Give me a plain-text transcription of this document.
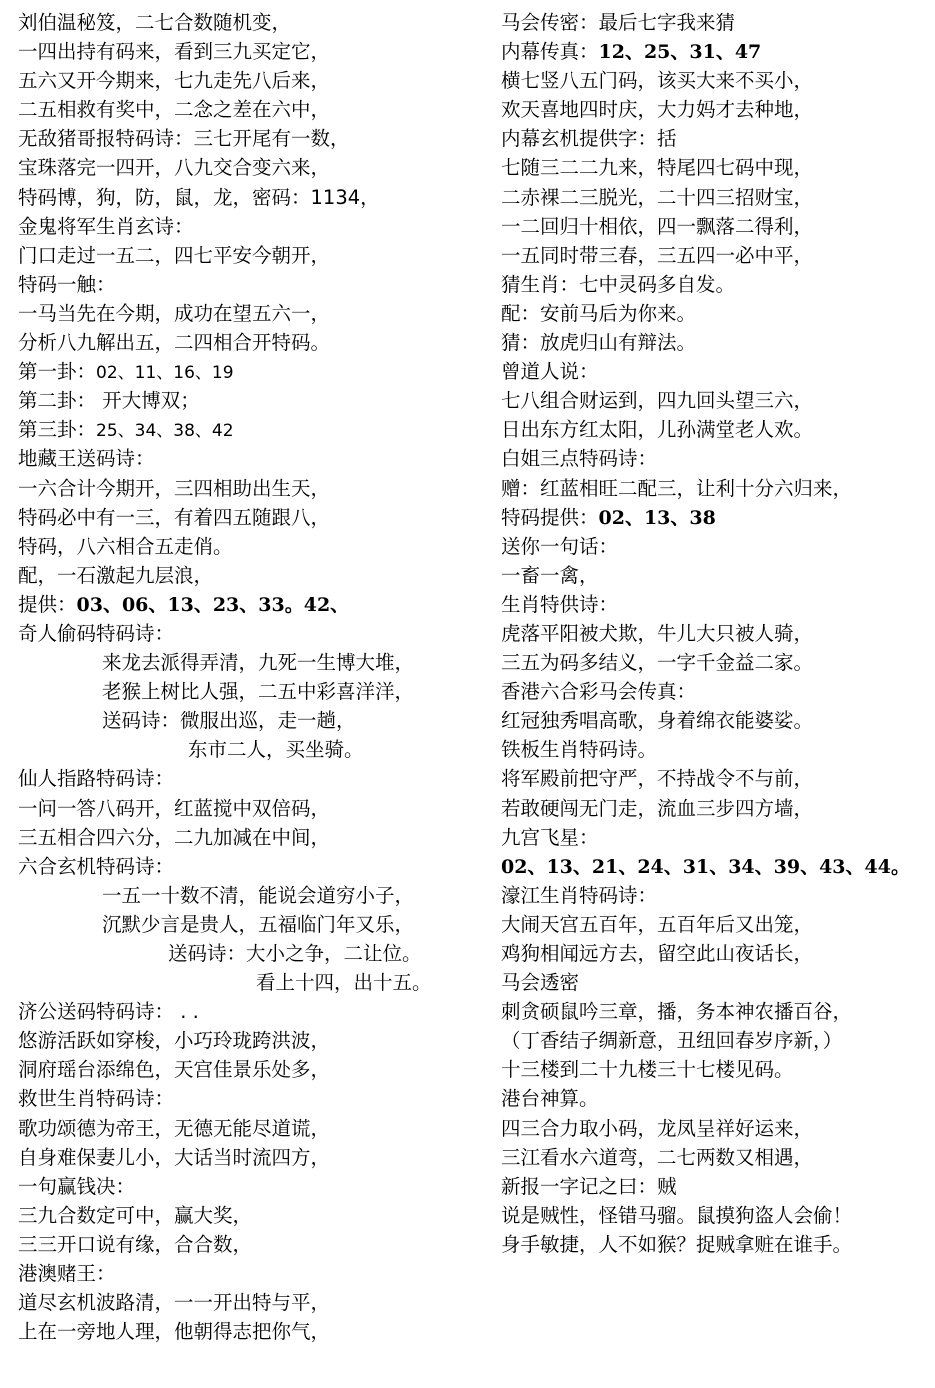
刘伯温秘笈，二七合数随机变，
一四出持有码来，看到三九买定它，
五六又开今期来，七九走先八后来，
二五相救有奖中，二念之差在六中，
无敌猪哥报特码诗：三七开尾有一数，
宝珠落完一四开，八九交合变六来，
特码博，狗，防，鼠，龙，密码：1134，
金鬼将军生肖玄诗：
门口走过一五二，四七平安今朝开，
特码一触：
一马当先在今期，成功在望五六一，
分析八九解出五，二四相合开特码。
第一卦：02、11、16、19
第二卦： 开大博双；
第三卦：25、34、38、42
地藏王送码诗：
一六合计今期开，三四相助出生天，
特码必中有一三，有着四五随跟八，
特码，八六相合五走俏。
配，一石激起九层浪，
提供：03、06、13、23、33。42、
奇人偷码特码诗：
来龙去派得弄清，九死一生博大堆，
老猴上树比人强，二五中彩喜洋洋，
送码诗：微服出巡，走一趟，
东市二人，买坐骑。
仙人指路特码诗：
一问一答八码开，红蓝搅中双倍码，
三五相合四六分，二九加减在中间，
六合玄机特码诗：
一五一十数不清，能说会道穷小子，
沉默少言是贵人，五福临门年又乐，
送码诗：大小之争，二让位。
看上十四，出十五。
济公送码特码诗： . .
悠游活跃如穿梭，小巧玲珑跨洪波，
洞府瑶台添绵色，天宫佳景乐处多，
救世生肖特码诗：
歌功颂德为帝王，无德无能尽道谎，
自身难保妻儿小，大话当时流四方，
一句赢钱决：
三九合数定可中，赢大奖，
三三开口说有缘，合合数，
港澳赌王：
道尽玄机波路清，一一开出特与平，
上在一旁地人理，他朝得志把你气，
马会传密：最后七字我来猜
内幕传真：12、25、31、47
横七竖八五门码，该买大来不买小，
欢天喜地四时庆，大力妈才去种地，
内幕玄机提供字：括
七随三二二九来，特尾四七码中现，
二赤裸二三脱光，二十四三招财宝，
一二回归十相依，四一飘落二得利，
一五同时带三春，三五四一必中平，
猜生肖：七中灵码多自发。
配：安前马后为你来。
猜：放虎归山有辩法。
曾道人说：
七八组合财运到，四九回头望三六，
日出东方红太阳，儿孙满堂老人欢。
白姐三点特码诗：
赠：红蓝相旺二配三，让利十分六归来，
特码提供：02、13、38
送你一句话：
一畜一禽，
生肖特供诗：
虎落平阳被犬欺，牛儿大只被人骑，
三五为码多结义，一字千金益二家。
香港六合彩马会传真：
红冠独秀唱高歌，身着绵衣能婆娑。
铁板生肖特码诗。
将军殿前把守严，不持战令不与前，
若敢硬闯无门走，流血三步四方墙，
九宫飞星：
02、13、21、24、31、34、39、43、44。
濠江生肖特码诗：
大闹天宫五百年，五百年后又出笼，
鸡狗相闻远方去，留空此山夜话长，
马会透密
刺贪硕鼠吟三章，播，务本神农播百谷，
（丁香结子绸新意，丑纽回春岁序新，）
十三楼到二十九楼三十七楼见码。
港台神算。
四三合力取小码，龙凤呈祥好运来，
三江看水六道弯，二七两数又相遇，
新报一字记之曰：贼
说是贼性，怪错马骝。鼠摸狗盗人会偷！
身手敏捷，人不如猴？捉贼拿赃在谁手。
